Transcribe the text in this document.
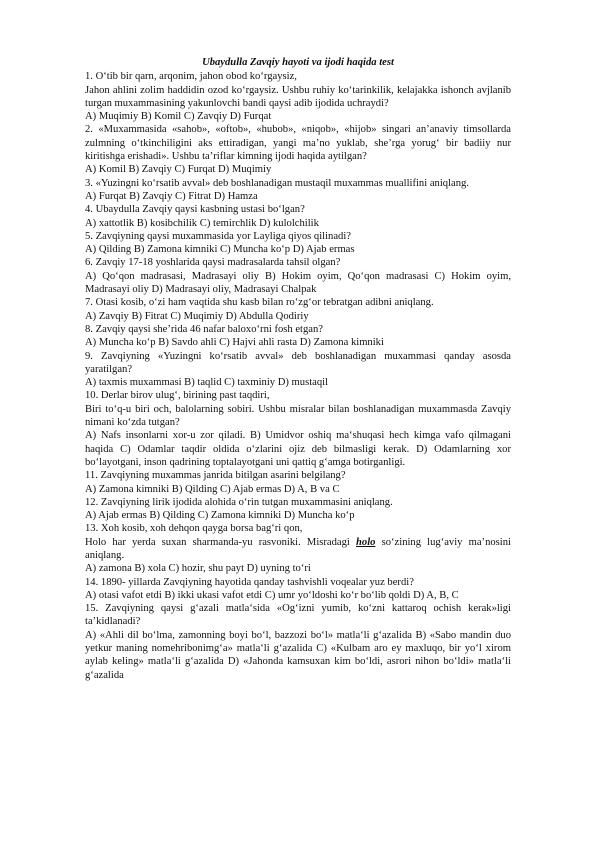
Ubaydulla Zavqiy hayoti va ijodi haqida test
1. O‘tib bir qarn, arqonim, jahon obod ko‘rgaysiz,
Jahon ahlini zolim haddidin ozod ko‘rgaysiz. Ushbu ruhiy ko‘tarinkilik, kelajakka ishonch avjlanib turgan muxammasining yakunlovchi bandi qaysi adib ijodida uchraydi?
A) Muqimiy B) Komil C) Zavqiy D) Furqat
2. «Muxammasida «sahob», «oftob», «hubob», «niqob», «hijob» singari an’anaviy timsollarda zulmning o‘tkinchiligini aks ettiradigan, yangi ma’no yuklab, she’rga yorug‘ bir badiiy nur kiritishga erishadi». Ushbu ta’riflar kimning ijodi haqida aytilgan?
A) Komil B) Zavqiy C) Furqat D) Muqimiy
3. «Yuzingni ko‘rsatib avval» deb boshlanadigan mustaqil muxammas muallifini aniqlang.
A) Furqat B) Zavqiy C) Fitrat D) Hamza
4. Ubaydulla Zavqiy qaysi kasbning ustasi bo‘lgan?
A) xattotlik B) kosibchilik C) temirchlik D) kulolchilik
5. Zavqiyning qaysi muxammasida yor Layliga qiyos qilinadi?
A) Qilding B) Zamona kimniki C) Muncha ko‘p D) Ajab ermas
6. Zavqiy 17-18 yoshlarida qaysi madrasalarda tahsil olgan?
A) Qo‘qon madrasasi, Madrasayi oliy B) Hokim oyim, Qo‘qon madrasasi C) Hokim oyim, Madrasayi oliy D) Madrasayi oliy, Madrasayi Chalpak
7. Otasi kosib, o‘zi ham vaqtida shu kasb bilan ro‘zg‘or tebratgan adibni aniqlang.
A) Zavqiy B) Fitrat C) Muqimiy D) Abdulla Qodiriy
8. Zavqiy qaysi she’rida 46 nafar baloxo‘rni fosh etgan?
A) Muncha ko‘p B) Savdo ahli C) Hajvi ahli rasta D) Zamona kimniki
9. Zavqiyning «Yuzingni ko‘rsatib avval» deb boshlanadigan muxammasi qanday asosda yaratilgan?
A) taxmis muxammasi B) taqlid C) taxminiy D) mustaqil
10. Derlar birov ulug‘, birining past taqdiri,
Biri to‘q-u biri och, balolarning sobiri. Ushbu misralar bilan boshlanadigan muxammasda Zavqiy nimani ko‘zda tutgan?
A) Nafs insonlarni xor-u zor qiladi. B) Umidvor oshiq ma‘shuqasi hech kimga vafo qilmagani haqida C) Odamlar taqdir oldida o‘zlarini ojiz deb bilmasligi kerak. D) Odamlarning xor bo‘layotgani, inson qadrining toptalayotgani uni qattiq g‘amga botirganligi.
11. Zavqiyning muxammas janrida bitilgan asarini belgilang?
A) Zamona kimniki B) Qilding C) Ajab ermas D) A, B va C
12. Zavqiyning lirik ijodida alohida o‘rin tutgan muxammasini aniqlang.
A) Ajab ermas B) Qilding C) Zamona kimniki D) Muncha ko‘p
13. Xoh kosib, xoh dehqon qayga borsa bag‘ri qon,
Holo har yerda suxan sharmanda-yu rasvoniki. Misradagi holo so‘zining lug‘aviy ma’nosini aniqlang.
A) zamona B) xola C) hozir, shu payt D) uyning to‘ri
14. 1890- yillarda Zavqiyning hayotida qanday tashvishli voqealar yuz berdi?
A) otasi vafot etdi B) ikki ukasi vafot etdi C) umr yo‘ldoshi ko‘r bo‘lib qoldi D) A, B, C
15. Zavqiyning qaysi g‘azali matla‘sida «Og‘izni yumib, ko‘zni kattaroq ochish kerak»ligi ta’kidlanadi?
A) «Ahli dil bo‘lma, zamonning boyi bo‘l, bazzozi bo‘l» matla‘li g‘azalida B) «Sabo mandin duo yetkur maning nomehribonimg‘a» matla‘li g‘azalida C) «Kulbam aro ey maxluqo, bir yo‘l xirom aylab keling» matla‘li g‘azalida D) «Jahonda kamsuxan kim bo‘ldi, asrori nihon bo‘ldi» matla‘li g‘azalida
